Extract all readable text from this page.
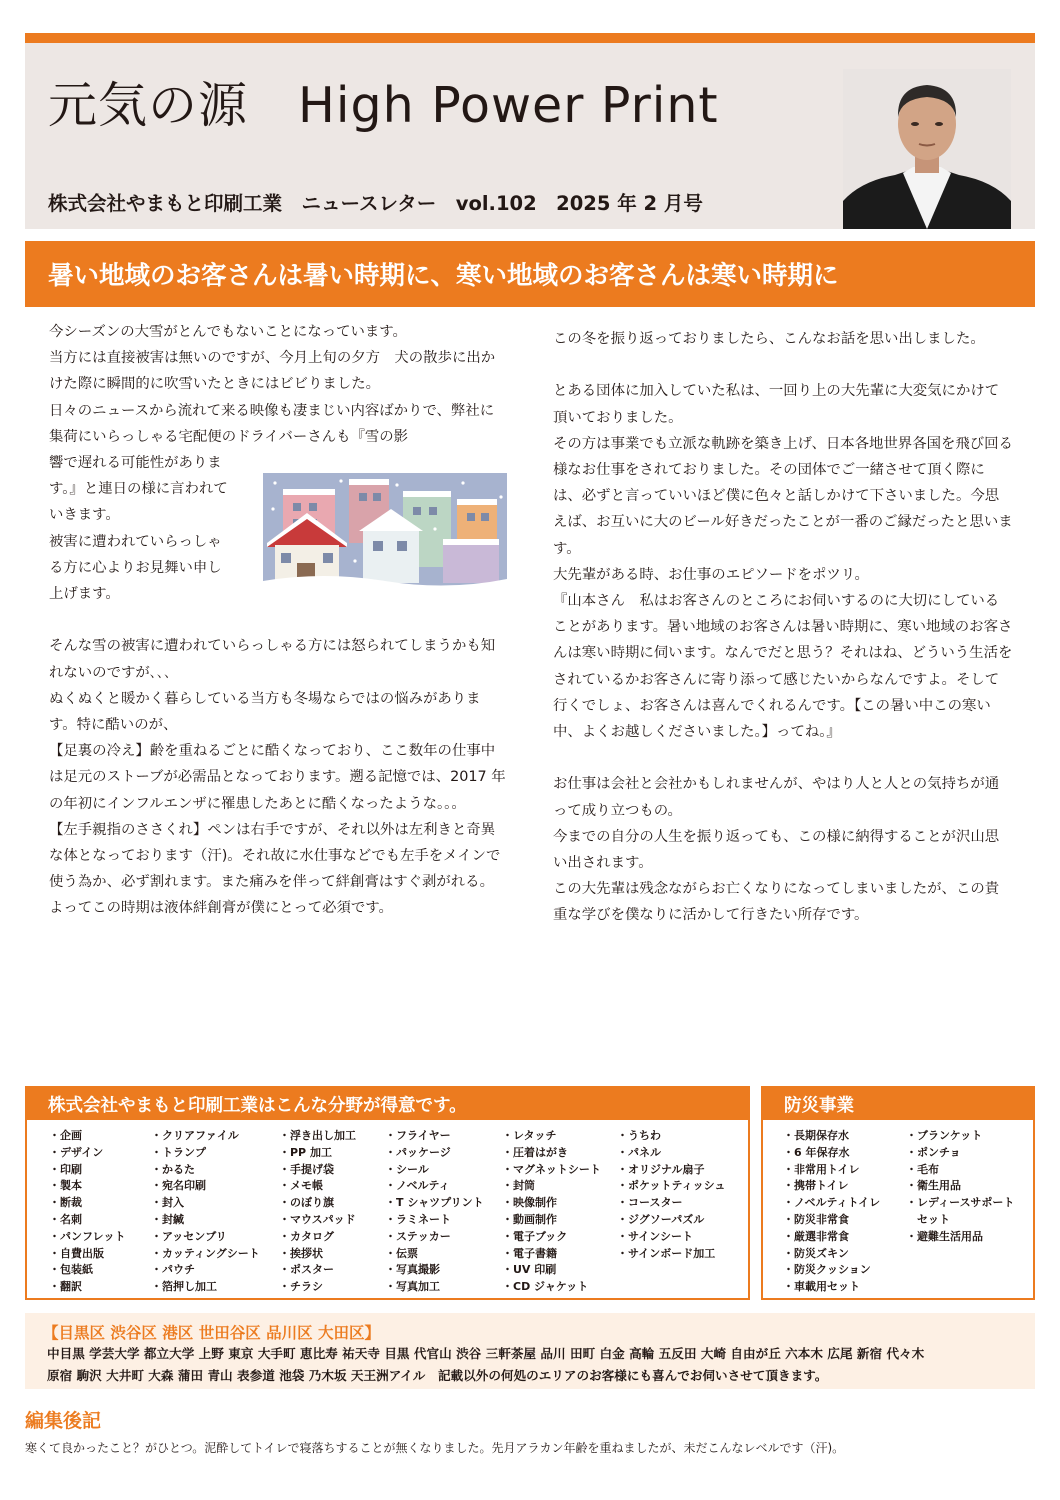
元気の源　High Power Print
株式会社やまもと印刷工業　ニュースレター　vol.102　2025 年 2 月号
暑い地域のお客さんは暑い時期に、寒い地域のお客さんは寒い時期に

今シーズンの大雪がとんでもないことになっています。

当方には直接被害は無いのですが、今月上旬の夕方　犬の散歩に出かけた際に瞬間的に吹雪いたときにはビビりました。

日々のニュースから流れて来る映像も凄まじい内容ばかりで、弊社に集荷にいらっしゃる宅配便のドライバーさんも『雪の影

響で遅れる可能性がありま
す。』と連日の様に言われて
いきます。
被害に遭われていらっしゃ
る方に心よりお見舞い申し
上げます。

そんな雪の被害に遭われていらっしゃる方には怒られてしまうかも知れないのですが､､､

ぬくぬくと暖かく暮らしている当方も冬場ならではの悩みがあります。特に酷いのが、

【足裏の冷え】齢を重ねるごとに酷くなっており、ここ数年の仕事中は足元のストーブが必需品となっております。遡る記憶では、2017 年の年初にインフルエンザに罹患したあとに酷くなったような｡｡｡

【左手親指のささくれ】ペンは右手ですが、それ以外は左利きと奇異な体となっております（汗)。それ故に水仕事などでも左手をメインで使う為か、必ず割れます。また痛みを伴って絆創膏はすぐ剥がれる。よってこの時期は液体絆創膏が僕にとって必須です。

この冬を振り返っておりましたら、こんなお話を思い出しました。

とある団体に加入していた私は、一回り上の大先輩に大変気にかけて頂いておりました。

その方は事業でも立派な軌跡を築き上げ、日本各地世界各国を飛び回る様なお仕事をされておりました。その団体でご一緒させて頂く際には、必ずと言っていいほど僕に色々と話しかけて下さいました。今思えば、お互いに大のビール好きだったことが一番のご縁だったと思います。

大先輩がある時、お仕事のエピソードをポツリ。

『山本さん　私はお客さんのところにお伺いするのに大切にしていることがあります。暑い地域のお客さんは暑い時期に、寒い地域のお客さんは寒い時期に伺います。なんでだと思う？それはね、どういう生活をされているかお客さんに寄り添って感じたいからなんですよ。そして行くでしょ、お客さんは喜んでくれるんです。【この暑い中この寒い中、よくお越しくださいました。】ってね。』

お仕事は会社と会社かもしれませんが、やはり人と人との気持ちが通って成り立つもの。

今までの自分の人生を振り返っても、この様に納得することが沢山思い出されます。

この大先輩は残念ながらお亡くなりになってしまいましたが、この貴重な学びを僕なりに活かして行きたい所存です。

株式会社やまもと印刷工業はこんな分野が得意です。
・企画
・デザイン
・印刷
・製本
・断裁
・名刺
・パンフレット
・自費出版
・包装紙
・翻訳
・クリアファイル
・トランプ
・かるた
・宛名印刷
・封入
・封緘
・アッセンブリ
・カッティングシート
・パウチ
・箔押し加工
・浮き出し加工
・PP 加工
・手提げ袋
・メモ帳
・のぼり旗
・マウスパッド
・カタログ
・挨拶状
・ポスター
・チラシ
・フライヤー
・パッケージ
・シール
・ノベルティ
・T シャツプリント
・ラミネート
・ステッカー
・伝票
・写真撮影
・写真加工
・レタッチ
・圧着はがき
・マグネットシート
・封筒
・映像制作
・動画制作
・電子ブック
・電子書籍
・UV 印刷
・CD ジャケット
・うちわ
・パネル
・オリジナル扇子
・ポケットティッシュ
・コースター
・ジグソーパズル
・サインシート
・サインボード加工
防災事業
・長期保存水
・6 年保存水
・非常用トイレ
・携帯トイレ
・ノベルティトイレ
・防災非常食
・厳選非常食
・防災ズキン
・防災クッション
・車載用セット
・ブランケット
・ポンチョ
・毛布
・衛生用品
・レディースサポート
　セット
・避難生活用品
【目黒区 渋谷区 港区 世田谷区 品川区 大田区】
中目黒 学芸大学 都立大学 上野 東京 大手町 恵比寿 祐天寺 目黒 代官山 渋谷 三軒茶屋 品川 田町 白金 高輪 五反田 大崎 自由が丘 六本木 広尾 新宿 代々木
原宿 駒沢 大井町 大森 蒲田 青山 表参道 池袋 乃木坂 天王洲アイル　記載以外の何処のエリアのお客様にも喜んでお伺いさせて頂きます。
編集後記
寒くて良かったこと？がひとつ。泥酔してトイレで寝落ちすることが無くなりました。先月アラカン年齢を重ねましたが、未だこんなレベルです（汗)。
